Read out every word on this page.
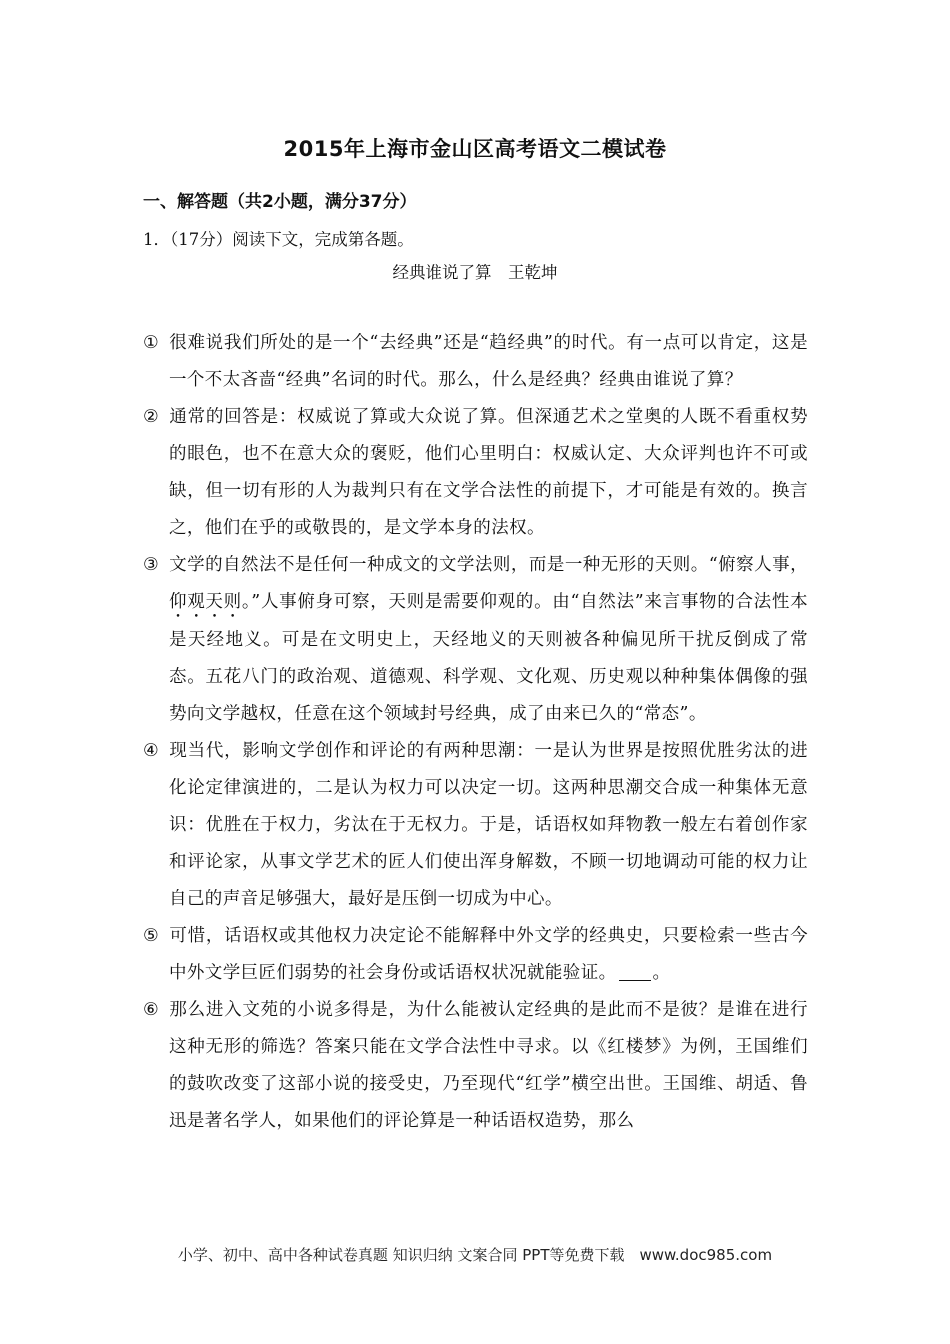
2015年上海市金山区高考语文二模试卷
一、解答题（共2小题，满分37分）
1．（17分）阅读下文，完成第各题。
经典谁说了算　王乾坤

① 很难说我们所处的是一个“去经典”还是“趋经典”的时代。有一点可以肯定，这是一个不太吝啬“经典”名词的时代。那么，什么是经典？经典由谁说了算？

② 通常的回答是：权威说了算或大众说了算。但深通艺术之堂奥的人既不看重权势的眼色，也不在意大众的褒贬，他们心里明白：权威认定、大众评判也许不可或缺，但一切有形的人为裁判只有在文学合法性的前提下，才可能是有效的。换言之，他们在乎的或敬畏的，是文学本身的法权。

③ 文学的自然法不是任何一种成文的文学法则，而是一种无形的天则。“俯察人事，仰观天则。”人事俯身可察，天则是需要仰观的。由“自然法”来言事物的合法性本是天经地义。可是在文明史上，天经地义的天则被各种偏见所干扰反倒成了常态。五花八门的政治观、道德观、科学观、文化观、历史观以种种集体偶像的强势向文学越权，任意在这个领域封号经典，成了由来已久的“常态”。

④ 现当代，影响文学创作和评论的有两种思潮：一是认为世界是按照优胜劣汰的进化论定律演进的，二是认为权力可以决定一切。这两种思潮交合成一种集体无意识：优胜在于权力，劣汰在于无权力。于是，话语权如拜物教一般左右着创作家和评论家，从事文学艺术的匠人们使出浑身解数，不顾一切地调动可能的权力让自己的声音足够强大，最好是压倒一切成为中心。

⑤ 可惜，话语权或其他权力决定论不能解释中外文学的经典史，只要检索一些古今中外文学巨匠们弱势的社会身份或话语权状况就能验证。 。

⑥ 那么进入文苑的小说多得是，为什么能被认定经典的是此而不是彼？是谁在进行这种无形的筛选？答案只能在文学合法性中寻求。以《红楼梦》为例，王国维们的鼓吹改变了这部小说的接受史，乃至现代“红学”横空出世。王国维、胡适、鲁迅是著名学人，如果他们的评论算是一种话语权造势，那么

小学、初中、高中各种试卷真题 知识归纳 文案合同 PPT等免费下载　www.doc985.com
